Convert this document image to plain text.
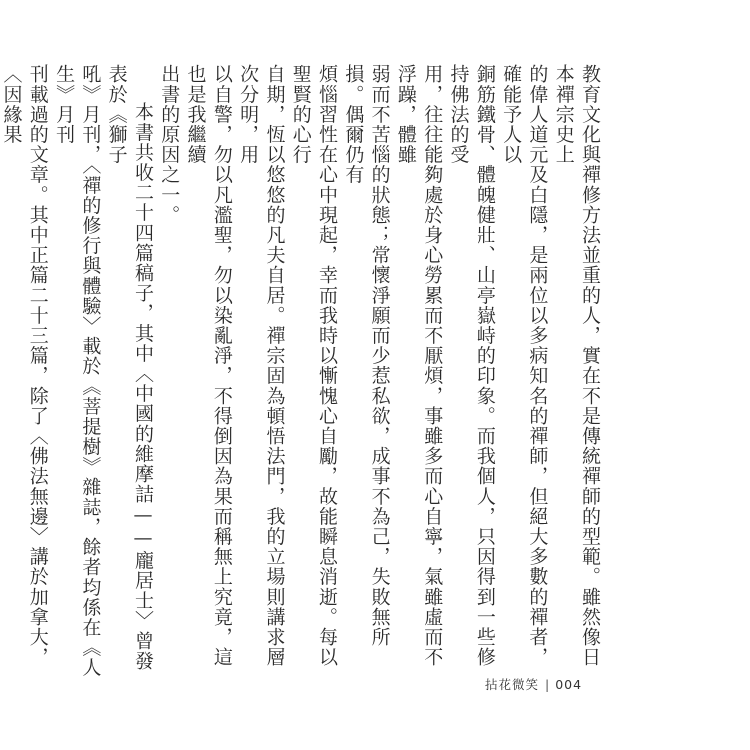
教育文化與禪修方法並重的人，實在不是傳統禪師的型範。雖然像日本禪宗史上
的偉人道元及白隱，是兩位以多病知名的禪師，但絕大多數的禪者，確能予人以
銅筋鐵骨、體魄健壯、山亭嶽峙的印象。而我個人，只因得到一些修持佛法的受
用，往往能夠處於身心勞累而不厭煩，事雖多而心自寧，氣雖虛而不浮躁，體雖
弱而不苦惱的狀態；常懷淨願而少惹私欲，成事不為己，失敗無所損。偶爾仍有
煩惱習性在心中現起，幸而我時以慚愧心自勵，故能瞬息消逝。每以聖賢的心行
自期，恆以悠悠的凡夫自居。禪宗固為頓悟法門，我的立場則講求層次分明，用
以自警，勿以凡濫聖，勿以染亂淨，不得倒因為果而稱無上究竟，這也是我繼續
出書的原因之一。

本書共收二十四篇稿子，其中〈中國的維摩詰——龐居士〉曾發表於《獅子
吼》月刊，〈禪的修行與體驗〉載於《菩提樹》雜誌，餘者均係在《人生》月刊
刊載過的文章。其中正篇二十三篇，除了〈佛法無邊〉講於加拿大，〈因緣果

拈花微笑 | 004
